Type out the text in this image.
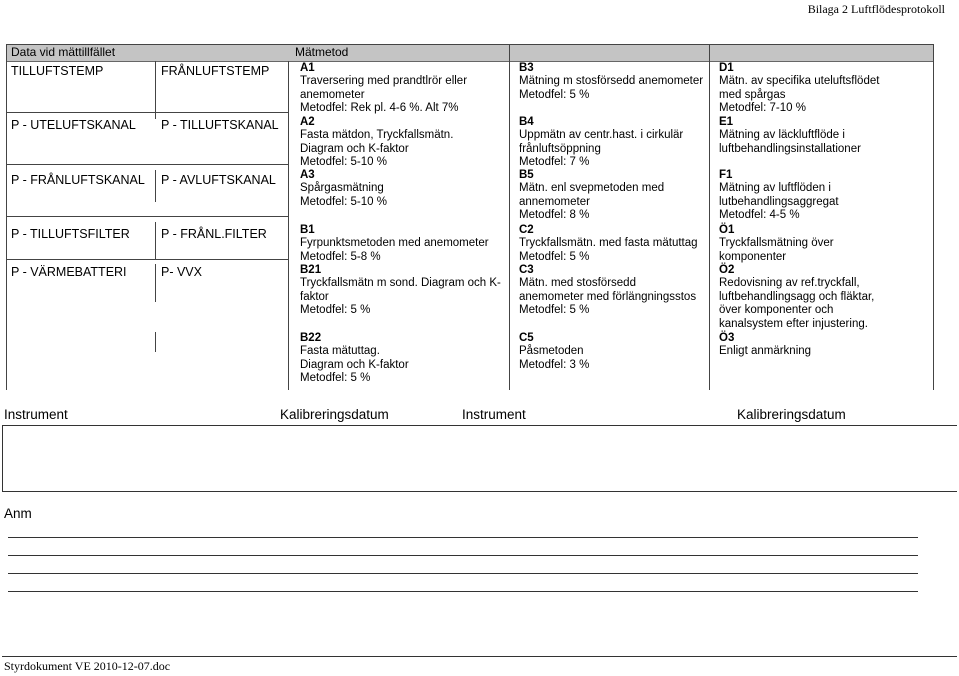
Bilaga 2 Luftflödesprotokoll
Data vid mättillfället	Mätmetod
TILLUFTSTEMP	FRÅNLUFTSTEMP
P - UTELUFTSKANAL P - TILLUFTSKANAL
P - FRÅNLUFTSKANAL P - AVLUFTSKANAL
P - TILLUFTSFILTER P - FRÅNL.FILTER
P - VÄRMEBATTERI	P- VVX
A1
Traversering med prandtlrör eller
anemometer
Metodfel: Rek pl. 4-6 %. Alt 7%
A2
Fasta mätdon, Tryckfallsmätn.
Diagram och K-faktor
Metodfel: 5-10 %
A3
Spårgasmätning
Metodfel: 5-10 %
B1
Fyrpunktsmetoden med anemometer
Metodfel: 5-8 %
B21
Tryckfallsmätn m sond. Diagram och K-
faktor
Metodfel: 5 %
B22
Fasta mätuttag.
Diagram och K-faktor
Metodfel: 5 %
B3
Mätning m stosförsedd anemometer
Metodfel: 5 %
B4
Uppmätn av centr.hast. i cirkulär
frånluftsöppning
Metodfel: 7 %
B5
Mätn. enl svepmetoden med
annemometer
Metodfel: 8 %
C2
Tryckfallsmätn. med fasta mätuttag
Metodfel: 5 %
C3
Mätn. med stosförsedd
anemometer med förlängningsstos
Metodfel: 5 %
C5
Påsmetoden
Metodfel: 3 %
D1
Mätn. av specifika uteluftsflödet
med spårgas
Metodfel: 7-10 %
E1
Mätning av läckluftflöde i
luftbehandlingsinstallationer
F1
Mätning av luftflöden i
lutbehandlingsaggregat
Metodfel: 4-5 %
Ö1
Tryckfallsmätning över
komponenter
Ö2
Redovisning av ref.tryckfall,
luftbehandlingsagg och fläktar,
över komponenter och
kanalsystem efter injustering.
Ö3
Enligt anmärkning
Instrument	Kalibreringsdatum	Instrument	Kalibreringsdatum
Anm
Styrdokument VE 2010-12-07.doc
